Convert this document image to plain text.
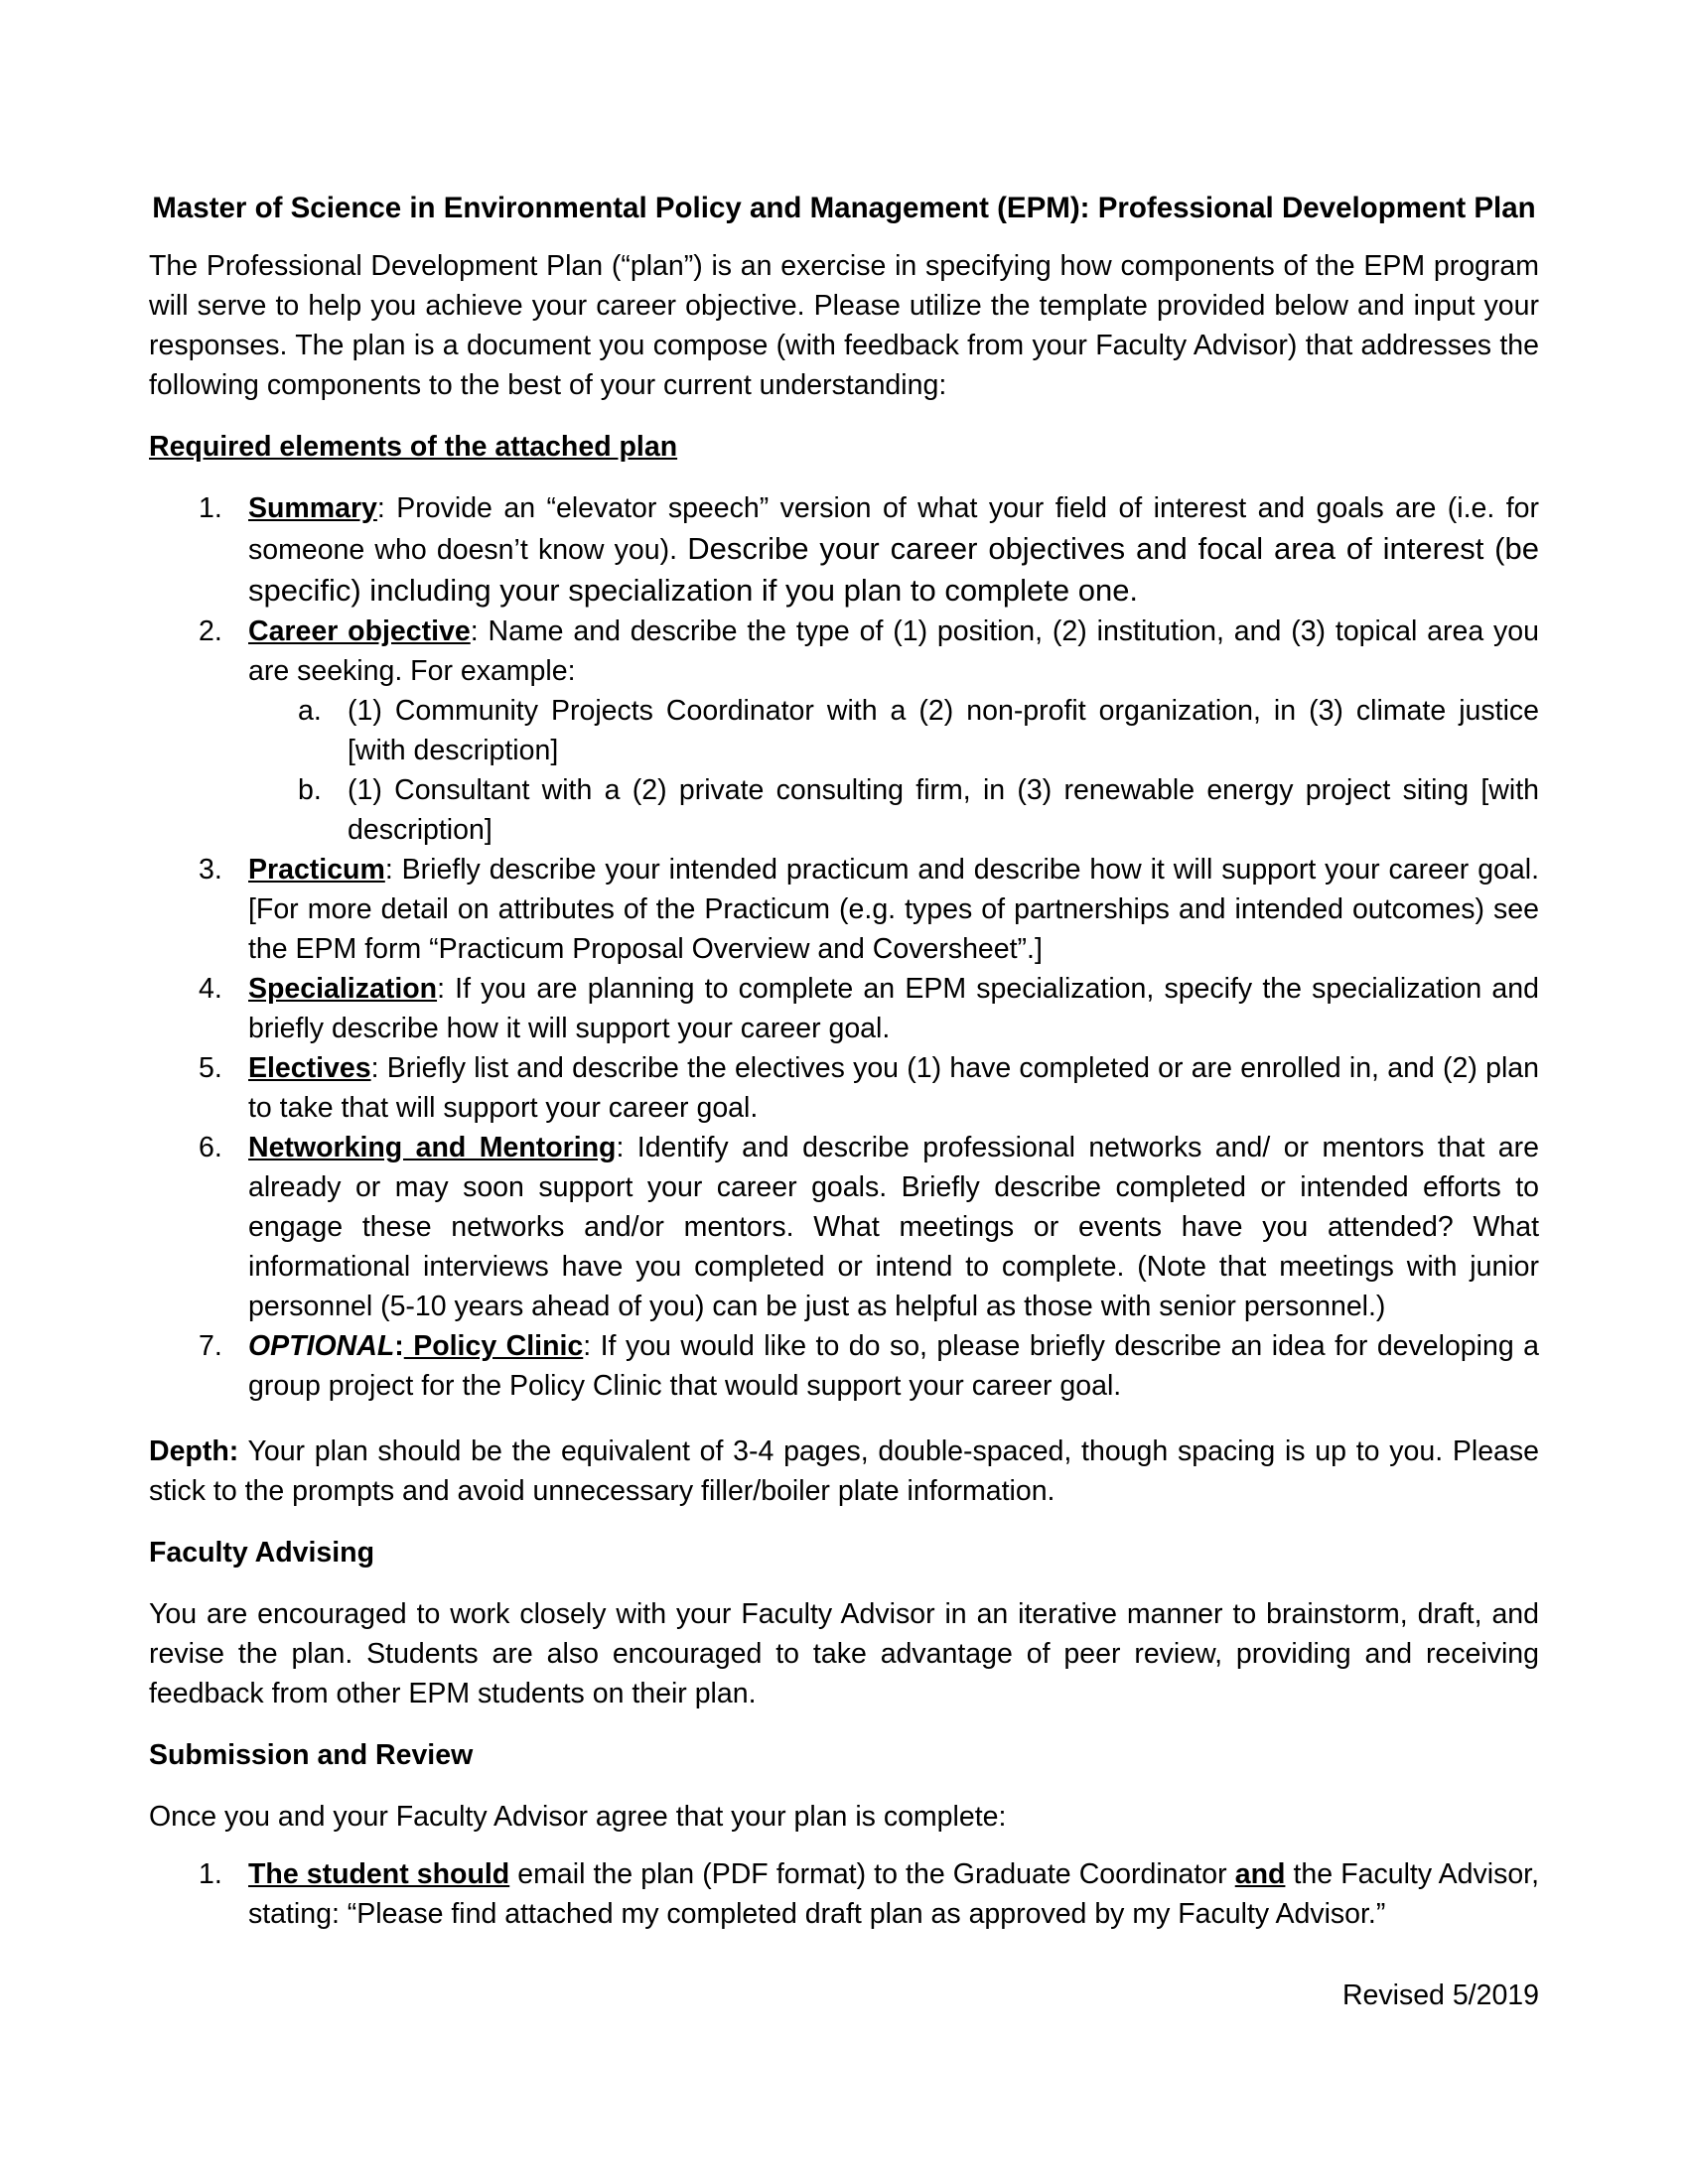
Master of Science in Environmental Policy and Management (EPM): Professional Development Plan

The Professional Development Plan (“plan”) is an exercise in specifying how components of the EPM program will serve to help you achieve your career objective. Please utilize the template provided below and input your responses. The plan is a document you compose (with feedback from your Faculty Advisor) that addresses the following components to the best of your current understanding:

Required elements of the attached plan

1. Summary: Provide an “elevator speech” version of what your field of interest and goals are (i.e. for someone who doesn’t know you). Describe your career objectives and focal area of interest (be specific) including your specialization if you plan to complete one.
2. Career objective: Name and describe the type of (1) position, (2) institution, and (3) topical area you are seeking. For example:
a. (1) Community Projects Coordinator with a (2) non-profit organization, in (3) climate justice [with description]
b. (1) Consultant with a (2) private consulting firm, in (3) renewable energy project siting [with description]
3. Practicum: Briefly describe your intended practicum and describe how it will support your career goal. [For more detail on attributes of the Practicum (e.g. types of partnerships and intended outcomes) see the EPM form “Practicum Proposal Overview and Coversheet”.]
4. Specialization: If you are planning to complete an EPM specialization, specify the specialization and briefly describe how it will support your career goal.
5. Electives: Briefly list and describe the electives you (1) have completed or are enrolled in, and (2) plan to take that will support your career goal.
6. Networking and Mentoring: Identify and describe professional networks and/ or mentors that are already or may soon support your career goals. Briefly describe completed or intended efforts to engage these networks and/or mentors. What meetings or events have you attended? What informational interviews have you completed or intend to complete. (Note that meetings with junior personnel (5-10 years ahead of you) can be just as helpful as those with senior personnel.)
7. OPTIONAL: Policy Clinic: If you would like to do so, please briefly describe an idea for developing a group project for the Policy Clinic that would support your career goal.

Depth: Your plan should be the equivalent of 3-4 pages, double-spaced, though spacing is up to you. Please stick to the prompts and avoid unnecessary filler/boiler plate information.

Faculty Advising

You are encouraged to work closely with your Faculty Advisor in an iterative manner to brainstorm, draft, and revise the plan. Students are also encouraged to take advantage of peer review, providing and receiving feedback from other EPM students on their plan.

Submission and Review

Once you and your Faculty Advisor agree that your plan is complete:

1. The student should email the plan (PDF format) to the Graduate Coordinator and the Faculty Advisor, stating: “Please find attached my completed draft plan as approved by my Faculty Advisor.”

Revised 5/2019
